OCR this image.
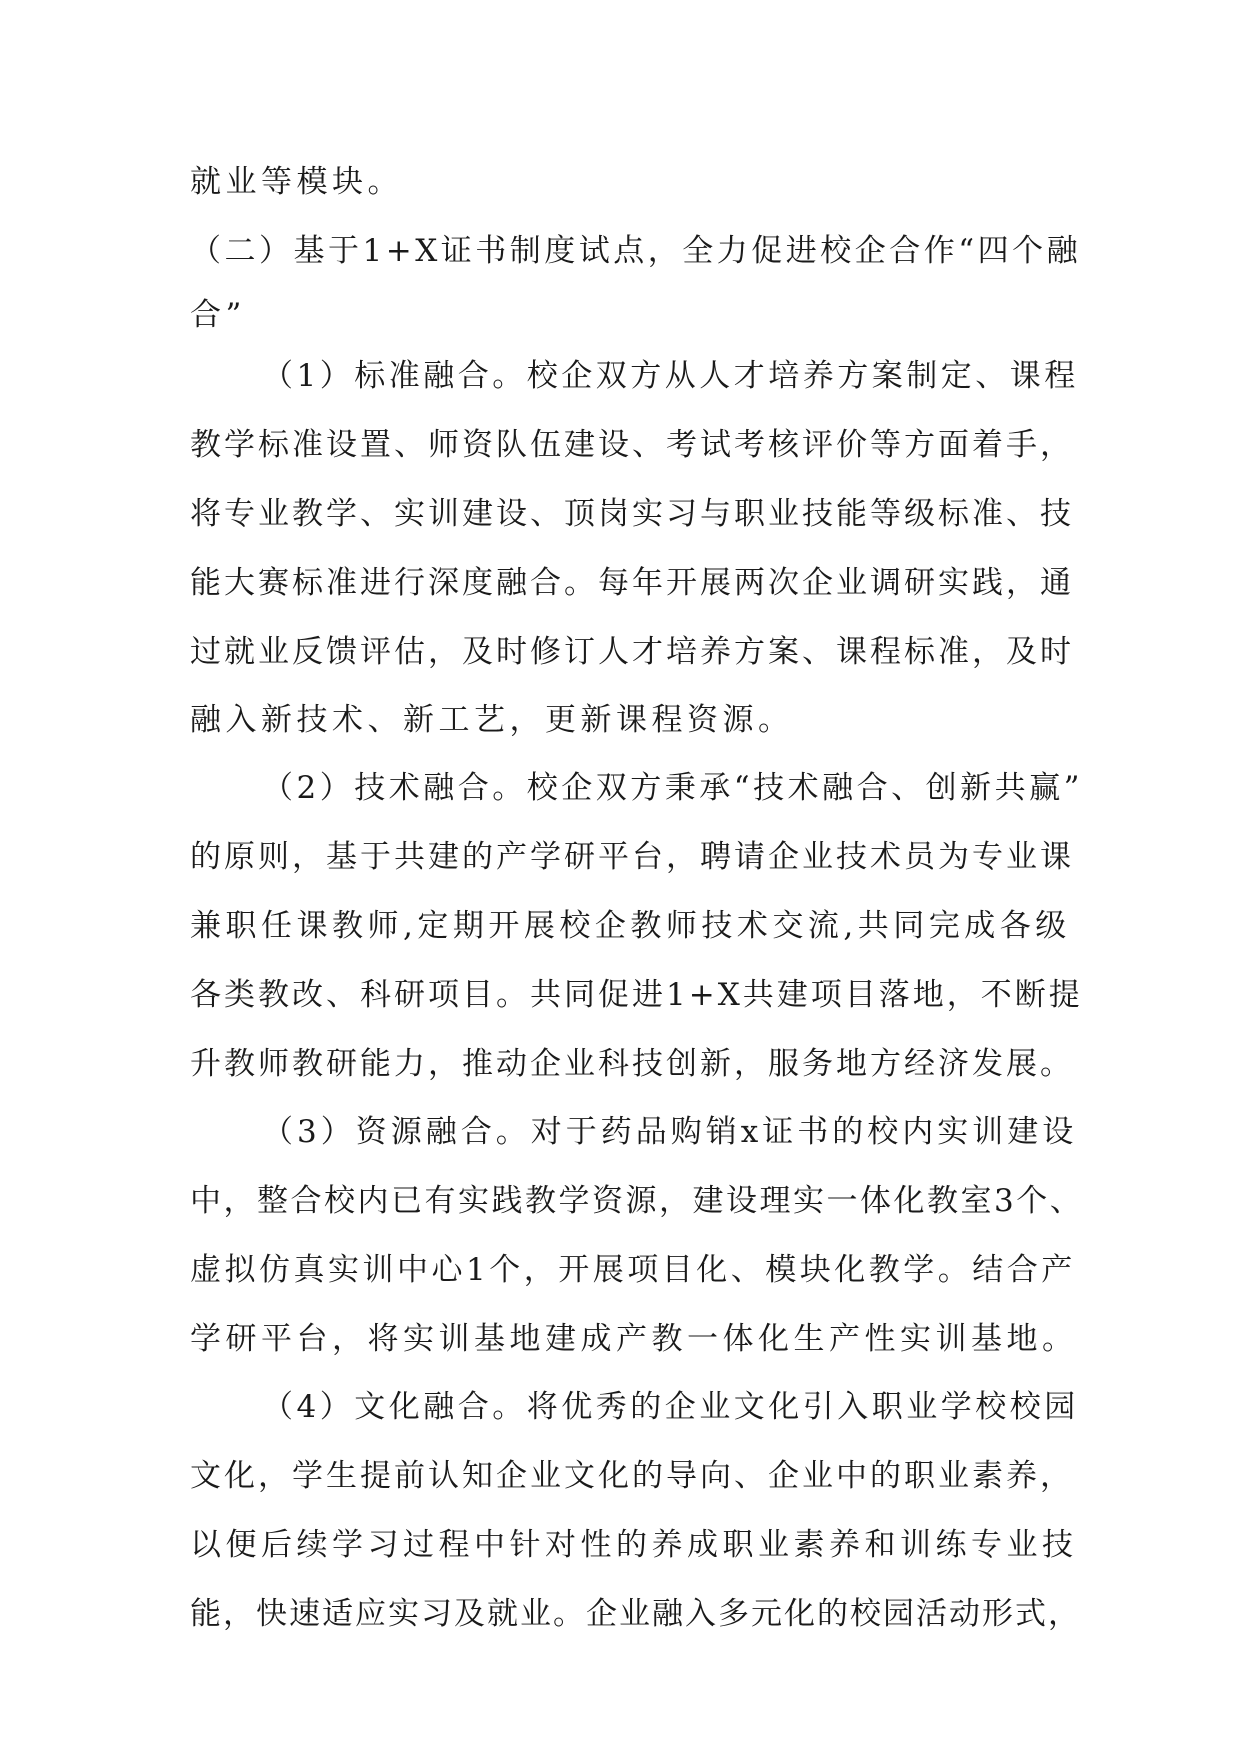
就业等模块。

（二）基于1+X证书制度试点，全力促进校企合作“四个融

合”

（1）标准融合。校企双方从人才培养方案制定、课程

教学标准设置、师资队伍建设、考试考核评价等方面着手，

将专业教学、实训建设、顶岗实习与职业技能等级标准、技

能大赛标准进行深度融合。每年开展两次企业调研实践，通

过就业反馈评估，及时修订人才培养方案、课程标准，及时

融入新技术、新工艺，更新课程资源。

（2）技术融合。校企双方秉承“技术融合、创新共赢”

的原则，基于共建的产学研平台，聘请企业技术员为专业课

兼职任课教师,定期开展校企教师技术交流,共同完成各级

各类教改、科研项目。共同促进1+X共建项目落地，不断提

升教师教研能力，推动企业科技创新，服务地方经济发展。

（3）资源融合。对于药品购销x证书的校内实训建设

中，整合校内已有实践教学资源，建设理实一体化教室3个、

虚拟仿真实训中心1个，开展项目化、模块化教学。结合产

学研平台，将实训基地建成产教一体化生产性实训基地。

（4）文化融合。将优秀的企业文化引入职业学校校园

文化，学生提前认知企业文化的导向、企业中的职业素养，

以便后续学习过程中针对性的养成职业素养和训练专业技

能，快速适应实习及就业。企业融入多元化的校园活动形式，
